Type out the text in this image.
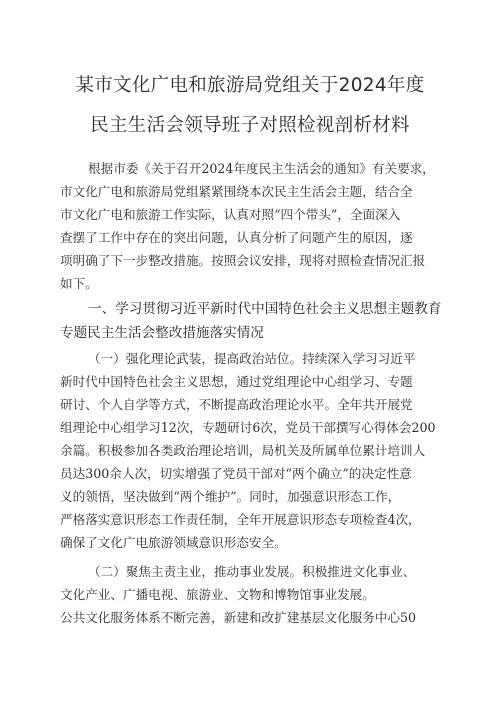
某市文化广电和旅游局党组关于2024年度
民主生活会领导班子对照检视剖析材料
根据市委《关于召开2024年度民主生活会的通知》有关要求，
市文化广电和旅游局党组紧紧围绕本次民主生活会主题，结合全
市文化广电和旅游工作实际，认真对照“四个带头”，全面深入
查摆了工作中存在的突出问题，认真分析了问题产生的原因，逐
项明确了下一步整改措施。按照会议安排，现将对照检查情况汇报
如下。
一、学习贯彻习近平新时代中国特色社会主义思想主题教育
专题民主生活会整改措施落实情况
（一）强化理论武装，提高政治站位。持续深入学习习近平
新时代中国特色社会主义思想，通过党组理论中心组学习、专题
研讨、个人自学等方式，不断提高政治理论水平。全年共开展党
组理论中心组学习12次，专题研讨6次，党员干部撰写心得体会200
余篇。积极参加各类政治理论培训，局机关及所属单位累计培训人
员达300余人次，切实增强了党员干部对“两个确立”的决定性意
义的领悟，坚决做到“两个维护”。同时，加强意识形态工作，
严格落实意识形态工作责任制，全年开展意识形态专项检查4次，
确保了文化广电旅游领域意识形态安全。
（二）聚焦主责主业，推动事业发展。积极推进文化事业、
文化产业、广播电视、旅游业、文物和博物馆事业发展。
公共文化服务体系不断完善，新建和改扩建基层文化服务中心50
